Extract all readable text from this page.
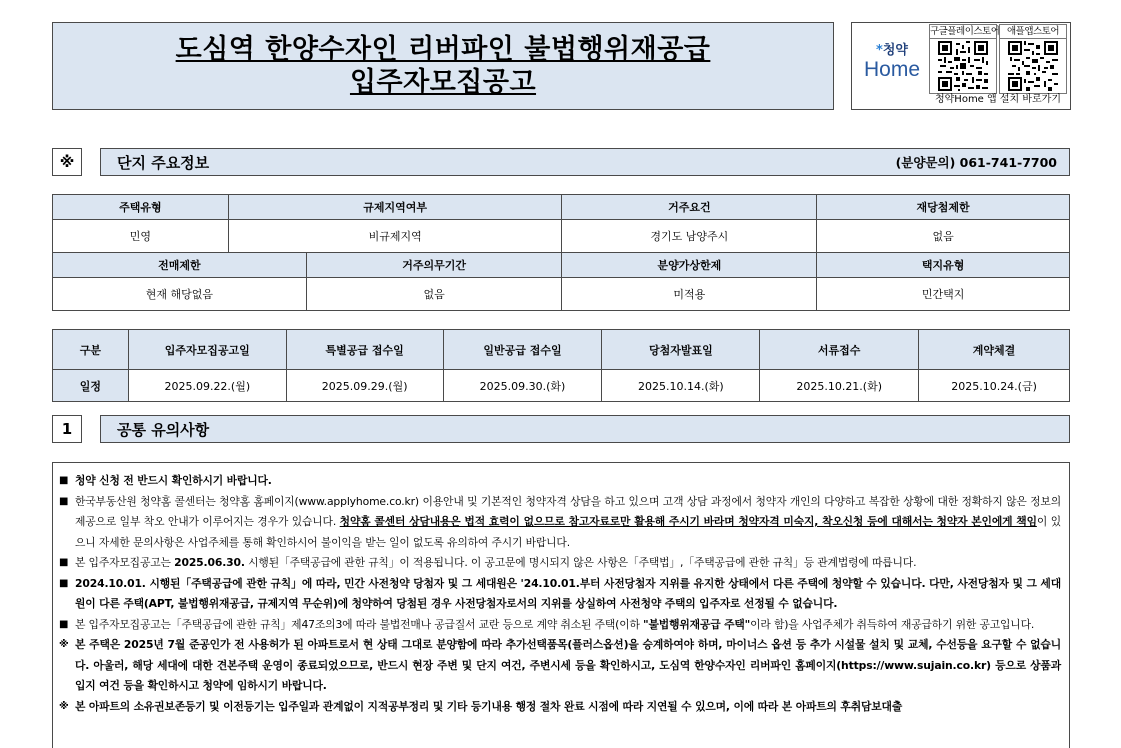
도심역 한양수자인 리버파인 불법행위재공급
입주자모집공고
*청약
Home
구글플레이스토어 애플앱스토어
청약Home 앱 설치 바로가기
※	단지 주요정보	(분양문의) 061-741-7700
주택유형	규제지역여부		거주요건	재당첨제한
민영	비규제지역		경기도 남양주시	없음
전매제한		거주의무기간	분양가상한제	택지유형
현재 해당없음		없음	미적용	민간택지
구분	입주자모집공고일	특별공급 접수일	일반공급 접수일	당첨자발표일	서류접수	계약체결
일정	2025.09.22.(월)	2025.09.29.(월)	2025.09.30.(화)	2025.10.14.(화)	2025.10.21.(화)	2025.10.24.(금)
1	공통 유의사항
■ 청약 신청 전 반드시 확인하시기 바랍니다.
■ 한국부동산원 청약홈 콜센터는 청약홈 홈페이지(www.applyhome.co.kr) 이용안내 및 기본적인 청약자격 상담을 하고 있으며 고객 상담 과정에서 청약자 개인의 다양하고 복잡한 상황에 대한 정확하지 않은 정보의 제공으로 일부 착오 안내가 이루어지는 경우가 있습니다. 청약홈 콜센터 상담내용은 법적 효력이 없으므로 참고자료로만 활용해 주시기 바라며 청약자격 미숙지, 착오신청 등에 대해서는 청약자 본인에게 책임이 있으니 자세한 문의사항은 사업주체를 통해 확인하시어 불이익을 받는 일이 없도록 유의하여 주시기 바랍니다.
■ 본 입주자모집공고는 2025.06.30. 시행된「주택공급에 관한 규칙」이 적용됩니다. 이 공고문에 명시되지 않은 사항은「주택법」,「주택공급에 관한 규칙」등 관계법령에 따릅니다.
■ 2024.10.01. 시행된「주택공급에 관한 규칙」에 따라, 민간 사전청약 당첨자 및 그 세대원은 '24.10.01.부터 사전당첨자 지위를 유지한 상태에서 다른 주택에 청약할 수 있습니다. 다만, 사전당첨자 및 그 세대원이 다른 주택(APT, 불법행위재공급, 규제지역 무순위)에 청약하여 당첨된 경우 사전당첨자로서의 지위를 상실하여 사전청약 주택의 입주자로 선정될 수 없습니다.
■ 본 입주자모집공고는「주택공급에 관한 규칙」제47조의3에 따라 불법전매나 공급질서 교란 등으로 계약 취소된 주택(이하 "불법행위재공급 주택"이라 함)을 사업주체가 취득하여 재공급하기 위한 공고입니다.
※ 본 주택은 2025년 7월 준공인가 전 사용허가 된 아파트로서 현 상태 그대로 분양함에 따라 추가선택품목(플러스옵션)을 승계하여야 하며, 마이너스 옵션 등 추가 시설물 설치 및 교체, 수선등을 요구할 수 없습니다. 아울러, 해당 세대에 대한 견본주택 운영이 종료되었으므로, 반드시 현장 주변 및 단지 여건, 주변시세 등을 확인하시고, 도심역 한양수자인 리버파인 홈페이지(https://www.sujain.co.kr) 등으로 상품과 입지 여건 등을 확인하시고 청약에 임하시기 바랍니다.
※ 본 아파트의 소유권보존등기 및 이전등기는 입주일과 관계없이 지적공부정리 및 기타 등기내용 행정 절차 완료 시점에 따라 지연될 수 있으며, 이에 따라 본 아파트의 후취담보대출
